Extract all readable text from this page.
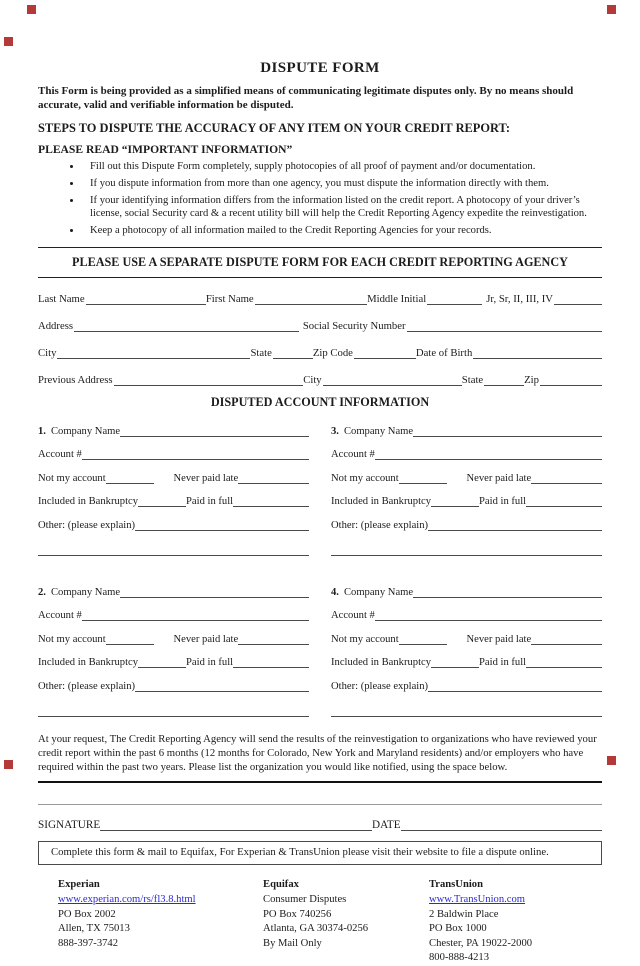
DISPUTE FORM
This Form is being provided as a simplified means of communicating legitimate disputes only. By no means should accurate, valid and verifiable information be disputed.
STEPS TO DISPUTE THE ACCURACY OF ANY ITEM ON YOUR CREDIT REPORT:
PLEASE READ “IMPORTANT INFORMATION”
• Fill out this Dispute Form completely, supply photocopies of all proof of payment and/or documentation.
• If you dispute information from more than one agency, you must dispute the information directly with them.
• If your identifying information differs from the information listed on the credit report. A photocopy of your driver’s license, social Security card & a recent utility bill will help the Credit Reporting Agency expedite the reinvestigation.
• Keep a photocopy of all information mailed to the Credit Reporting Agencies for your records.
PLEASE USE A SEPARATE DISPUTE FORM FOR EACH CREDIT REPORTING AGENCY
Last Name	First Name	Middle Initial	Jr, Sr, II, III, IV
Address	Social Security Number
City	State	Zip Code	Date of Birth
Previous Address	City	State	Zip
DISPUTED ACCOUNT INFORMATION
1. Company Name
Account #
Not my account	Never paid late
Included in Bankruptcy	Paid in full
Other: (please explain)
3. Company Name
Account #
Not my account	Never paid late
Included in Bankruptcy	Paid in full
Other: (please explain)
2. Company Name
Account #
Not my account	Never paid late
Included in Bankruptcy	Paid in full
Other: (please explain)
4. Company Name
Account #
Not my account	Never paid late
Included in Bankruptcy	Paid in full
Other: (please explain)
At your request, The Credit Reporting Agency will send the results of the reinvestigation to organizations who have reviewed your credit report within the past 6 months (12 months for Colorado, New York and Maryland residents) and/or employers who have required within the past two years. Please list the organization you would like notified, using the space below.
SIGNATURE	DATE
Complete this form & mail to Equifax, For Experian & TransUnion please visit their website to file a dispute online.
Experian
www.experian.com/rs/fl3.8.html
PO Box 2002
Allen, TX 75013
888-397-3742
Equifax
Consumer Disputes
PO Box 740256
Atlanta, GA 30374-0256
By Mail Only
TransUnion
www.TransUnion.com
2 Baldwin Place
PO Box 1000
Chester, PA 19022-2000
800-888-4213
